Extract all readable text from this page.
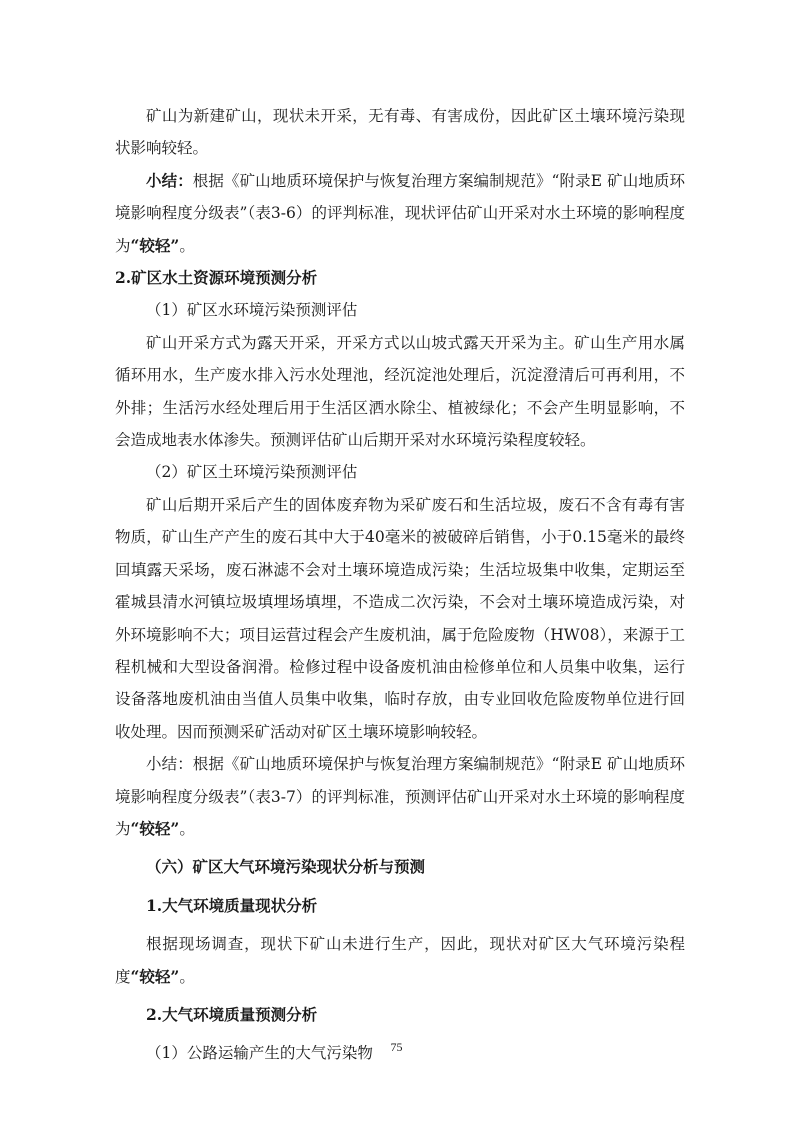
矿山为新建矿山，现状未开采，无有毒、有害成份，因此矿区土壤环境污染现状影响较轻。

小结：根据《矿山地质环境保护与恢复治理方案编制规范》“附录E 矿山地质环境影响程度分级表”（表3-6）的评判标准，现状评估矿山开采对水土环境的影响程度为“较轻”。

2.矿区水土资源环境预测分析

（1）矿区水环境污染预测评估

矿山开采方式为露天开采，开采方式以山坡式露天开采为主。矿山生产用水属循环用水，生产废水排入污水处理池，经沉淀池处理后，沉淀澄清后可再利用，不外排；生活污水经处理后用于生活区洒水除尘、植被绿化；不会产生明显影响，不会造成地表水体渗失。预测评估矿山后期开采对水环境污染程度较轻。

（2）矿区土环境污染预测评估

矿山后期开采后产生的固体废弃物为采矿废石和生活垃圾，废石不含有毒有害物质，矿山生产产生的废石其中大于40毫米的被破碎后销售，小于0.15毫米的最终回填露天采场，废石淋滤不会对土壤环境造成污染；生活垃圾集中收集，定期运至霍城县清水河镇垃圾填埋场填埋，不造成二次污染，不会对土壤环境造成污染，对外环境影响不大；项目运营过程会产生废机油，属于危险废物（HW08），来源于工程机械和大型设备润滑。检修过程中设备废机油由检修单位和人员集中收集，运行设备落地废机油由当值人员集中收集，临时存放，由专业回收危险废物单位进行回收处理。因而预测采矿活动对矿区土壤环境影响较轻。

小结：根据《矿山地质环境保护与恢复治理方案编制规范》“附录E 矿山地质环境影响程度分级表”（表3-7）的评判标准，预测评估矿山开采对水土环境的影响程度为“较轻”。

（六）矿区大气环境污染现状分析与预测

1.大气环境质量现状分析

根据现场调查，现状下矿山未进行生产，因此，现状对矿区大气环境污染程度“较轻”。

2.大气环境质量预测分析

（1）公路运输产生的大气污染物	75
